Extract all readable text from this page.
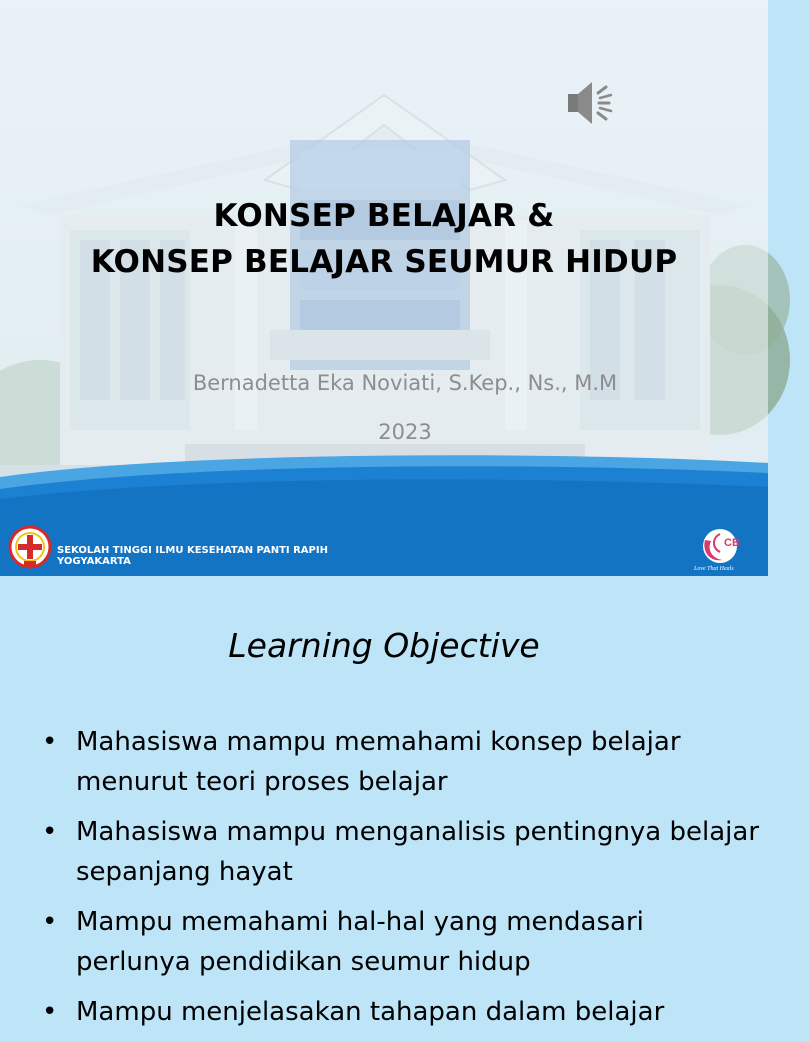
KONSEP BELAJAR &
KONSEP BELAJAR SEUMUR HIDUP
Bernadetta Eka Noviati, S.Kep., Ns., M.M
2023
SEKOLAH TINGGI ILMU KESEHATAN PANTI RAPIH
YOGYAKARTA
CB
Love That Heals
Learning Objective
• Mahasiswa mampu memahami konsep belajar menurut teori proses belajar
• Mahasiswa mampu menganalisis pentingnya belajar sepanjang hayat
• Mampu memahami hal-hal yang mendasari perlunya pendidikan seumur hidup
• Mampu menjelasakan tahapan dalam belajar
